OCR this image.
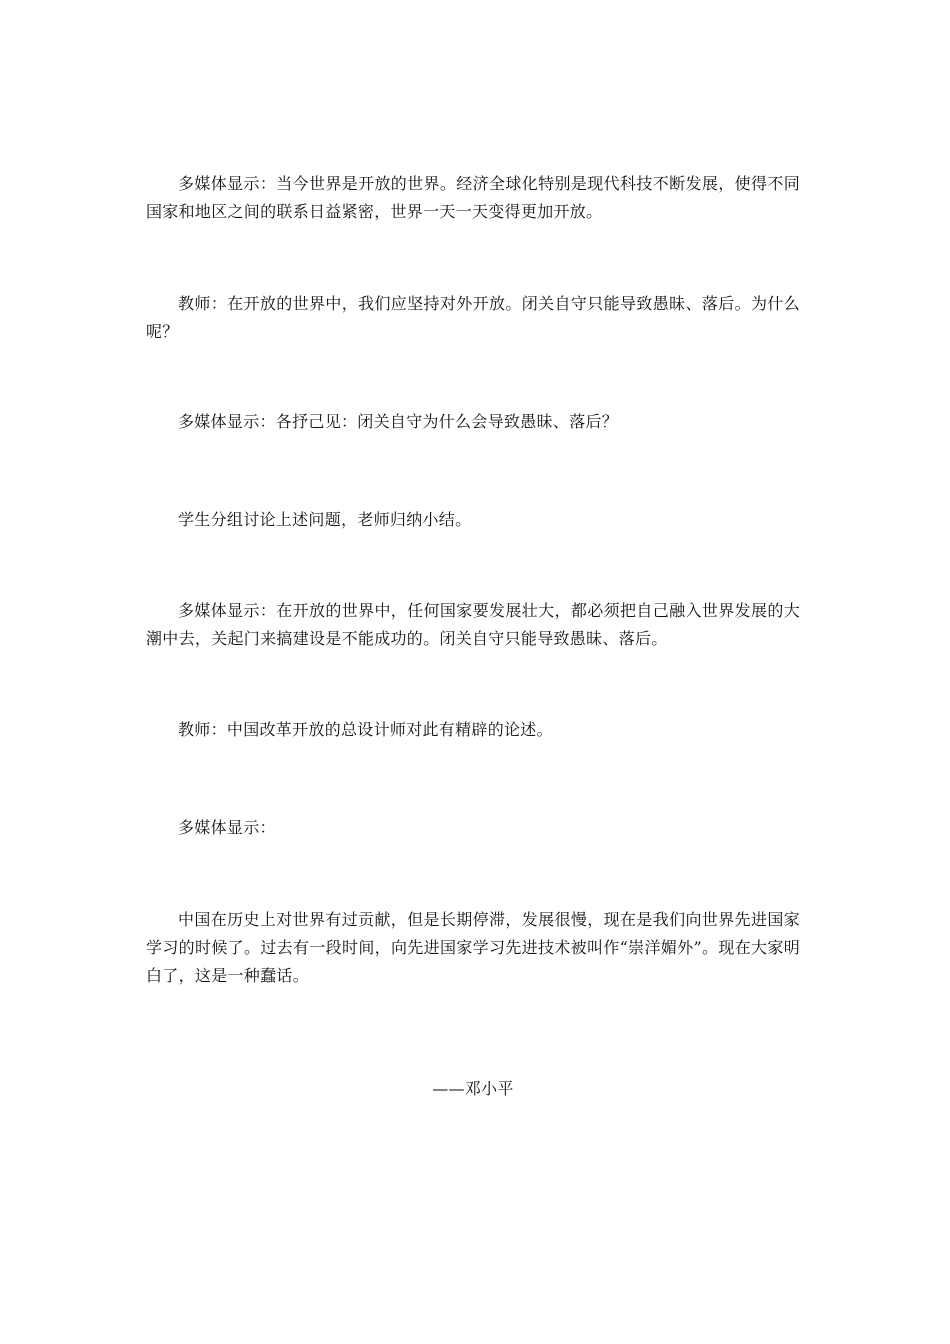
多媒体显示：当今世界是开放的世界。经济全球化特别是现代科技不断发展，使得不同国家和地区之间的联系日益紧密，世界一天一天变得更加开放。

教师：在开放的世界中，我们应坚持对外开放。闭关自守只能导致愚昧、落后。为什么呢？

多媒体显示：各抒己见：闭关自守为什么会导致愚昧、落后？

学生分组讨论上述问题，老师归纳小结。

多媒体显示：在开放的世界中，任何国家要发展壮大，都必须把自己融入世界发展的大潮中去，关起门来搞建设是不能成功的。闭关自守只能导致愚昧、落后。

教师：中国改革开放的总设计师对此有精辟的论述。

多媒体显示：

中国在历史上对世界有过贡献，但是长期停滞，发展很慢，现在是我们向世界先进国家学习的时候了。过去有一段时间，向先进国家学习先进技术被叫作“崇洋媚外”。现在大家明白了，这是一种蠢话。

——邓小平
